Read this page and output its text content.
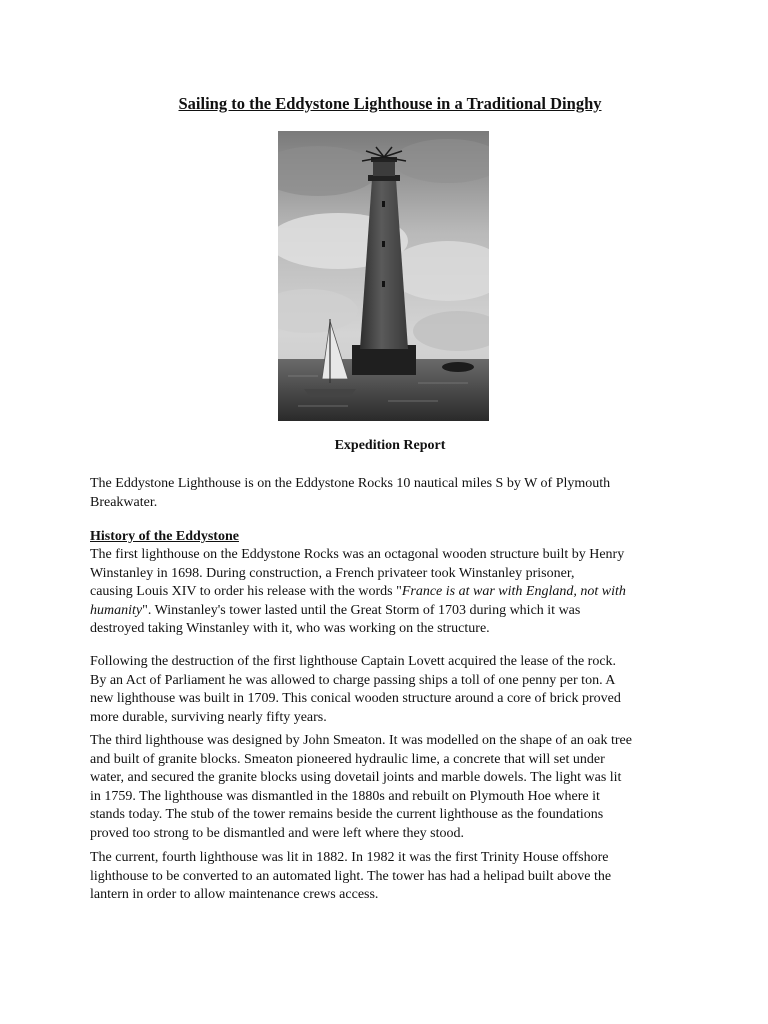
Sailing to the Eddystone Lighthouse in a Traditional Dinghy
Expedition Report

The Eddystone Lighthouse is on the Eddystone Rocks 10 nautical miles S by W of Plymouth
Breakwater.

History of the Eddystone

The first lighthouse on the Eddystone Rocks was an octagonal wooden structure built by Henry
Winstanley in 1698. During construction, a French privateer took Winstanley prisoner,
causing Louis XIV to order his release with the words "France is at war with England, not with
humanity". Winstanley's tower lasted until the Great Storm of 1703 during which it was
destroyed taking Winstanley with it, who was working on the structure.

Following the destruction of the first lighthouse Captain Lovett acquired the lease of the rock.
By an Act of Parliament he was allowed to charge passing ships a toll of one penny per ton. A
new lighthouse was built in 1709. This conical wooden structure around a core of brick proved
more durable, surviving nearly fifty years.

The third lighthouse was designed by John Smeaton. It was modelled on the shape of an oak tree
and built of granite blocks. Smeaton pioneered hydraulic lime, a concrete that will set under
water, and secured the granite blocks using dovetail joints and marble dowels. The light was lit
in 1759. The lighthouse was dismantled in the 1880s and rebuilt on Plymouth Hoe where it
stands today. The stub of the tower remains beside the current lighthouse as the foundations
proved too strong to be dismantled and were left where they stood.

The current, fourth lighthouse was lit in 1882. In 1982 it was the first Trinity House offshore
lighthouse to be converted to an automated light. The tower has had a helipad built above the
lantern in order to allow maintenance crews access.
